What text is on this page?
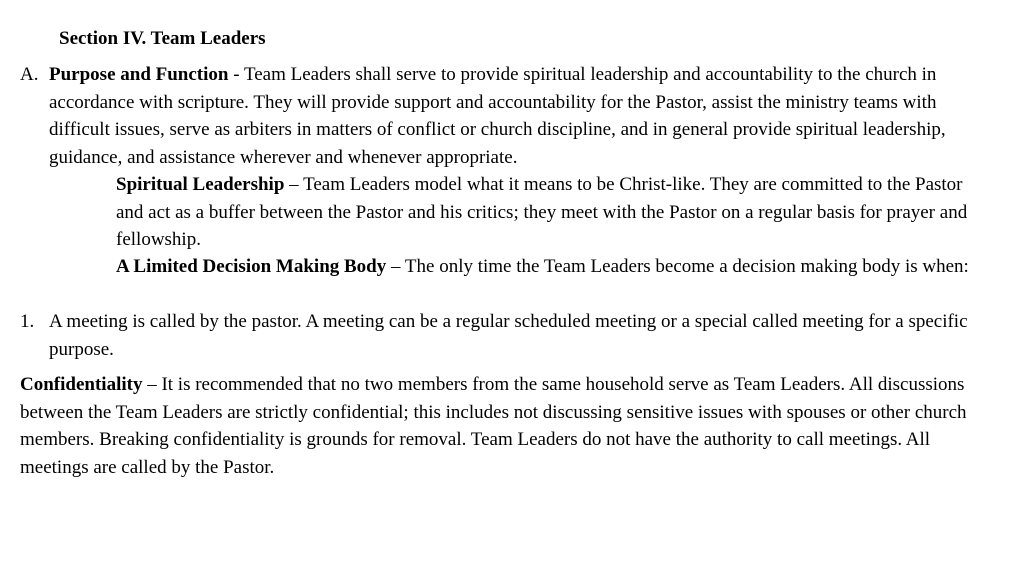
Section IV. Team Leaders
A. Purpose and Function - Team Leaders shall serve to provide spiritual leadership and accountability to the church in accordance with scripture. They will provide support and accountability for the Pastor, assist the ministry teams with difficult issues, serve as arbiters in matters of conflict or church discipline, and in general provide spiritual leadership, guidance, and assistance wherever and whenever appropriate.
Spiritual Leadership – Team Leaders model what it means to be Christ-like. They are committed to the Pastor and act as a buffer between the Pastor and his critics; they meet with the Pastor on a regular basis for prayer and fellowship.
A Limited Decision Making Body – The only time the Team Leaders become a decision making body is when:
1. A meeting is called by the pastor. A meeting can be a regular scheduled meeting or a special called meeting for a specific purpose.
Confidentiality – It is recommended that no two members from the same household serve as Team Leaders. All discussions between the Team Leaders are strictly confidential; this includes not discussing sensitive issues with spouses or other church members. Breaking confidentiality is grounds for removal. Team Leaders do not have the authority to call meetings. All meetings are called by the Pastor.
